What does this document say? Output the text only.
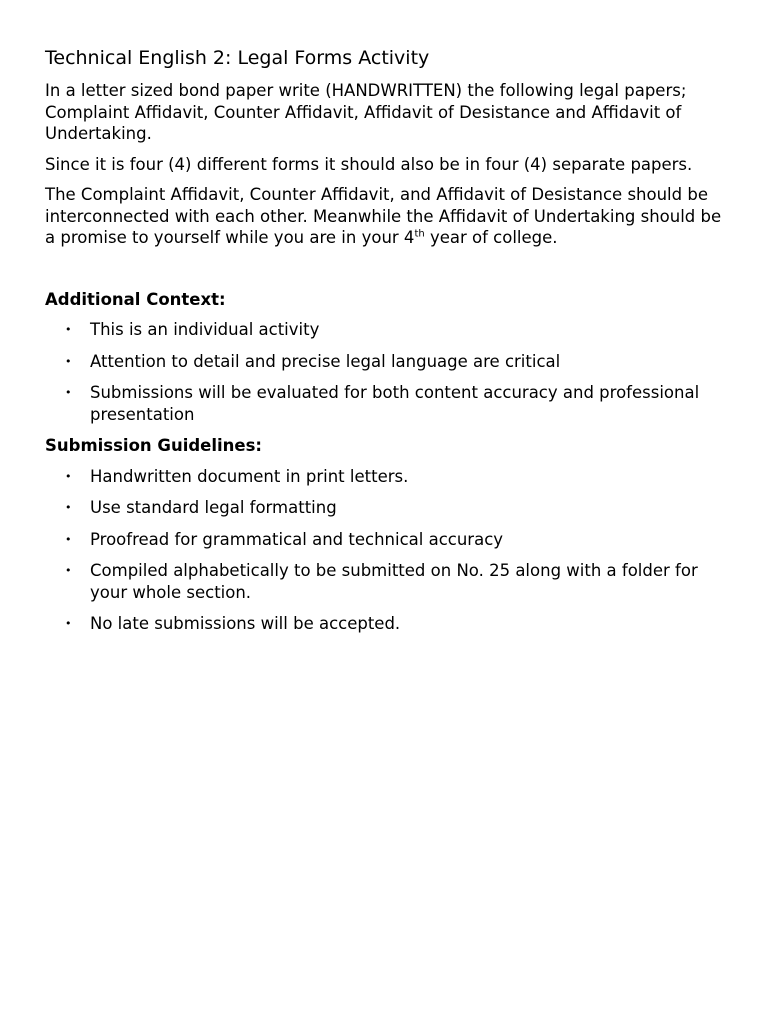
Technical English 2: Legal Forms Activity

In a letter sized bond paper write (HANDWRITTEN) the following legal papers; Complaint Affidavit, Counter Affidavit, Affidavit of Desistance and Affidavit of Undertaking.

Since it is four (4) different forms it should also be in four (4) separate papers.

The Complaint Affidavit, Counter Affidavit, and Affidavit of Desistance should be interconnected with each other. Meanwhile the Affidavit of Undertaking should be a promise to yourself while you are in your 4th year of college.

Additional Context:
• This is an individual activity
• Attention to detail and precise legal language are critical
• Submissions will be evaluated for both content accuracy and professional presentation
Submission Guidelines:
• Handwritten document in print letters.
• Use standard legal formatting
• Proofread for grammatical and technical accuracy
• Compiled alphabetically to be submitted on No. 25 along with a folder for your whole section.
• No late submissions will be accepted.
